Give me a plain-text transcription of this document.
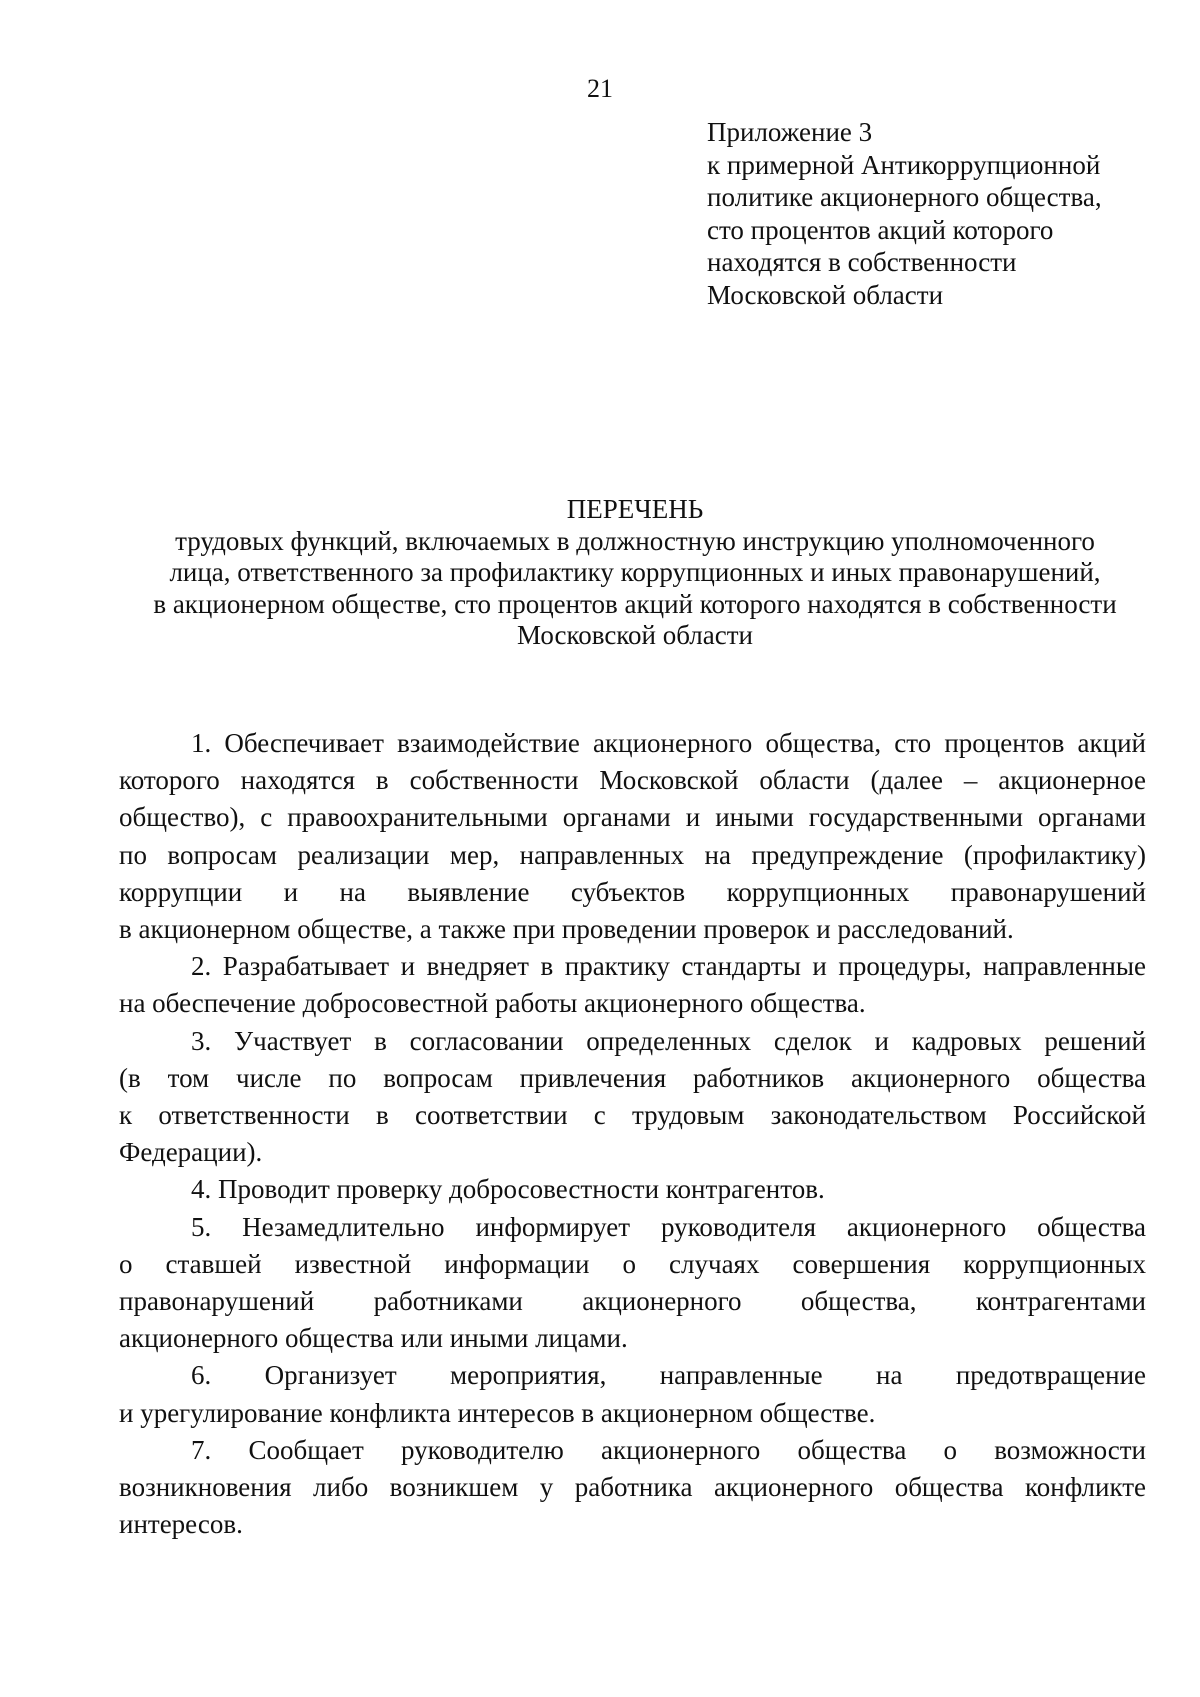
21
Приложение 3
к примерной Антикоррупционной
политике акционерного общества,
сто процентов акций которого
находятся в собственности
Московской области
ПЕРЕЧЕНЬ
трудовых функций, включаемых в должностную инструкцию уполномоченного
лица, ответственного за профилактику коррупционных и иных правонарушений,
в акционерном обществе, сто процентов акций которого находятся в собственности
Московской области
1. Обеспечивает взаимодействие акционерного общества, сто процентов акций
которого находятся в собственности Московской области (далее – акционерное
общество), с правоохранительными органами и иными государственными органами
по вопросам реализации мер, направленных на предупреждение (профилактику)
коррупции и на выявление субъектов коррупционных правонарушений
в акционерном обществе, а также при проведении проверок и расследований.
2. Разрабатывает и внедряет в практику стандарты и процедуры, направленные
на обеспечение добросовестной работы акционерного общества.
3. Участвует в согласовании определенных сделок и кадровых решений
(в том числе по вопросам привлечения работников акционерного общества
к ответственности в соответствии с трудовым законодательством Российской
Федерации).
4. Проводит проверку добросовестности контрагентов.
5. Незамедлительно информирует руководителя акционерного общества
о ставшей известной информации о случаях совершения коррупционных
правонарушений работниками акционерного общества, контрагентами
акционерного общества или иными лицами.
6. Организует мероприятия, направленные на предотвращение
и урегулирование конфликта интересов в акционерном обществе.
7. Сообщает руководителю акционерного общества о возможности
возникновения либо возникшем у работника акционерного общества конфликте
интересов.
